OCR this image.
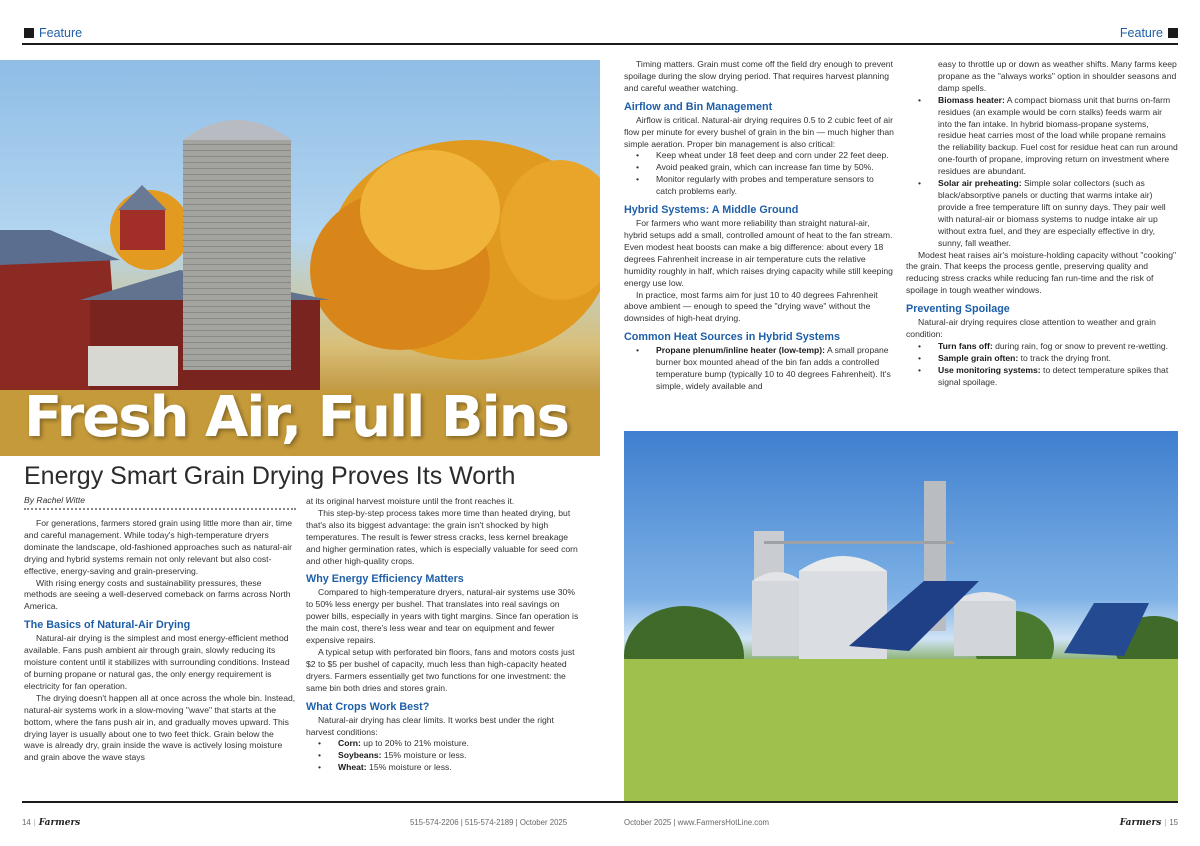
Feature	Feature
Fresh Air, Full Bins
Energy Smart Grain Drying Proves Its Worth
By Rachel Witte

For generations, farmers stored grain using little more than air, time and careful management. While today's high-temperature dryers dominate the landscape, old-fashioned approaches such as natural-air drying and hybrid systems remain not only relevant but also cost-effective, energy-saving and grain-preserving.

With rising energy costs and sustainability pressures, these methods are seeing a well-deserved comeback on farms across North America.

The Basics of Natural-Air Drying

Natural-air drying is the simplest and most energy-efficient method available. Fans push ambient air through grain, slowly reducing its moisture content until it stabilizes with surrounding conditions. Instead of burning propane or natural gas, the only energy requirement is electricity for fan operation.

The drying doesn't happen all at once across the whole bin. Instead, natural-air systems work in a slow-moving "wave" that starts at the bottom, where the fans push air in, and gradually moves upward. This drying layer is usually about one to two feet thick. Grain below the wave is already dry, grain inside the wave is actively losing moisture and grain above the wave stays

at its original harvest moisture until the front reaches it.

This step-by-step process takes more time than heated drying, but that's also its biggest advantage: the grain isn't shocked by high temperatures. The result is fewer stress cracks, less kernel breakage and higher germination rates, which is especially valuable for seed corn and other high-quality crops.

Why Energy Efficiency Matters

Compared to high-temperature dryers, natural-air systems use 30% to 50% less energy per bushel. That translates into real savings on power bills, especially in years with tight margins. Since fan operation is the main cost, there's less wear and tear on equipment and fewer expensive repairs.

A typical setup with perforated bin floors, fans and motors costs just $2 to $5 per bushel of capacity, much less than high-capacity heated dryers. Farmers essentially get two functions for one investment: the same bin both dries and stores grain.

What Crops Work Best?

Natural-air drying has clear limits. It works best under the right harvest conditions:

• Corn: up to 20% to 21% moisture.
• Soybeans: 15% moisture or less.
• Wheat: 15% moisture or less.

Timing matters. Grain must come off the field dry enough to prevent spoilage during the slow drying period. That requires harvest planning and careful weather watching.

Airflow and Bin Management

Airflow is critical. Natural-air drying requires 0.5 to 2 cubic feet of air flow per minute for every bushel of grain in the bin — much higher than simple aeration. Proper bin management is also critical:

• Keep wheat under 18 feet deep and corn under 22 feet deep.
• Avoid peaked grain, which can increase fan time by 50%.
• Monitor regularly with probes and temperature sensors to catch problems early.
Hybrid Systems: A Middle Ground

For farmers who want more reliability than straight natural-air, hybrid setups add a small, controlled amount of heat to the fan stream. Even modest heat boosts can make a big difference: about every 18 degrees Fahrenheit increase in air temperature cuts the relative humidity roughly in half, which raises drying capacity while still keeping energy use low.

In practice, most farms aim for just 10 to 40 degrees Fahrenheit above ambient — enough to speed the "drying wave" without the downsides of high-heat drying.

Common Heat Sources in Hybrid Systems
• Propane plenum/inline heater (low-temp): A small propane burner box mounted ahead of the bin fan adds a controlled temperature bump (typically 10 to 40 degrees Fahrenheit). It's simple, widely available and

easy to throttle up or down as weather shifts. Many farms keep propane as the "always works" option in shoulder seasons and damp spells.

• Biomass heater: A compact biomass unit that burns on-farm residues (an example would be corn stalks) feeds warm air into the fan intake. In hybrid biomass-propane systems, residue heat carries most of the load while propane remains the reliability backup. Fuel cost for residue heat can run around one-fourth of propane, improving return on investment where residues are abundant.
• Solar air preheating: Simple solar collectors (such as black/absorptive panels or ducting that warms intake air) provide a free temperature lift on sunny days. They pair well with natural-air or biomass systems to nudge intake air up without extra fuel, and they are especially effective in dry, sunny, fall weather.

Modest heat raises air's moisture-holding capacity without "cooking" the grain. That keeps the process gentle, preserving quality and reducing stress cracks while reducing fan run-time and the risk of spoilage in tough weather windows.

Preventing Spoilage

Natural-air drying requires close attention to weather and grain condition:

• Turn fans off: during rain, fog or snow to prevent re-wetting.
• Sample grain often: to track the drying front.
• Use monitoring systems: to detect temperature spikes that signal spoilage.
14 | Farmers	515-574-2206 | 515-574-2189 | October 2025	October 2025 | www.FarmersHotLine.com	Farmers | 15
